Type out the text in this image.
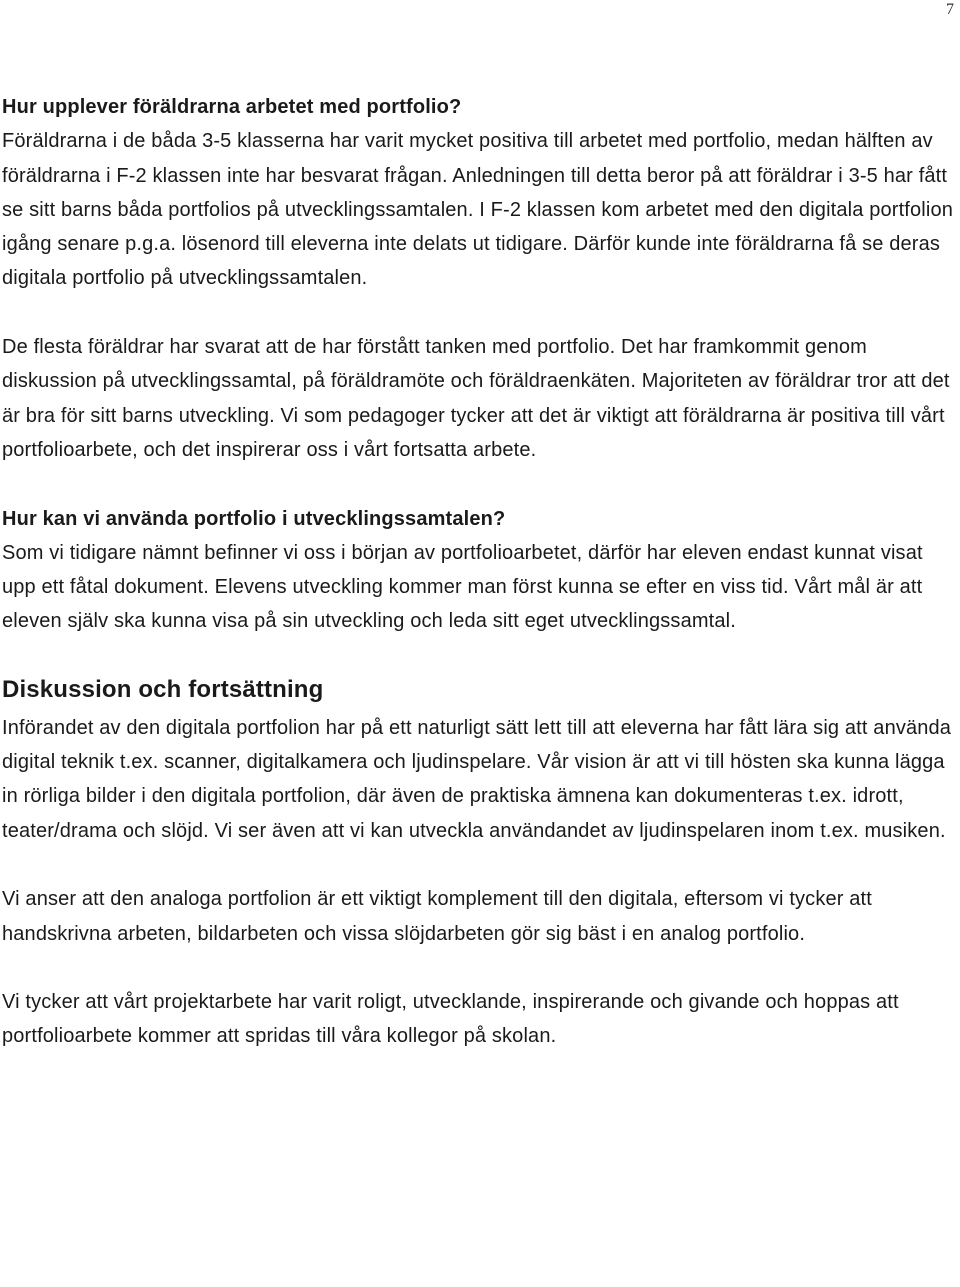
7

Hur upplever föräldrarna arbetet med portfolio?

Föräldrarna i de båda 3-5 klasserna har varit mycket positiva till arbetet med portfolio, medan hälften av föräldrarna i F-2 klassen inte har besvarat frågan. Anledningen till detta beror på att föräldrar i 3-5 har fått se sitt barns båda portfolios på utvecklingssamtalen. I F-2 klassen kom arbetet med den digitala portfolion igång senare p.g.a. lösenord till eleverna inte delats ut tidigare. Därför kunde inte föräldrarna få se deras digitala portfolio på utvecklingssamtalen.

De flesta föräldrar har svarat att de har förstått tanken med portfolio. Det har framkommit genom diskussion på utvecklingssamtal, på föräldramöte och föräldraenkäten. Majoriteten av föräldrar tror att det är bra för sitt barns utveckling. Vi som pedagoger tycker att det är viktigt att föräldrarna är positiva till vårt portfolioarbete, och det inspirerar oss i vårt fortsatta arbete.

Hur kan vi använda portfolio i utvecklingssamtalen?

Som vi tidigare nämnt befinner vi oss i början av portfolioarbetet, därför har eleven endast kunnat visat upp ett fåtal dokument. Elevens utveckling kommer man först kunna se efter en viss tid. Vårt mål är att eleven själv ska kunna visa på sin utveckling och leda sitt eget utvecklingssamtal.

Diskussion och fortsättning

Införandet av den digitala portfolion har på ett naturligt sätt lett till att eleverna har fått lära sig att använda digital teknik t.ex. scanner, digitalkamera och ljudinspelare. Vår vision är att vi till hösten ska kunna lägga in rörliga bilder i den digitala portfolion, där även de praktiska ämnena kan dokumenteras t.ex. idrott, teater/drama och slöjd. Vi ser även att vi kan utveckla användandet av ljudinspelaren inom t.ex. musiken.

Vi anser att den analoga portfolion är ett viktigt komplement till den digitala, eftersom vi tycker att handskrivna arbeten, bildarbeten och vissa slöjdarbeten gör sig bäst i en analog portfolio.

Vi tycker att vårt projektarbete har varit roligt, utvecklande, inspirerande och givande och hoppas att portfolioarbete kommer att spridas till våra kollegor på skolan.
